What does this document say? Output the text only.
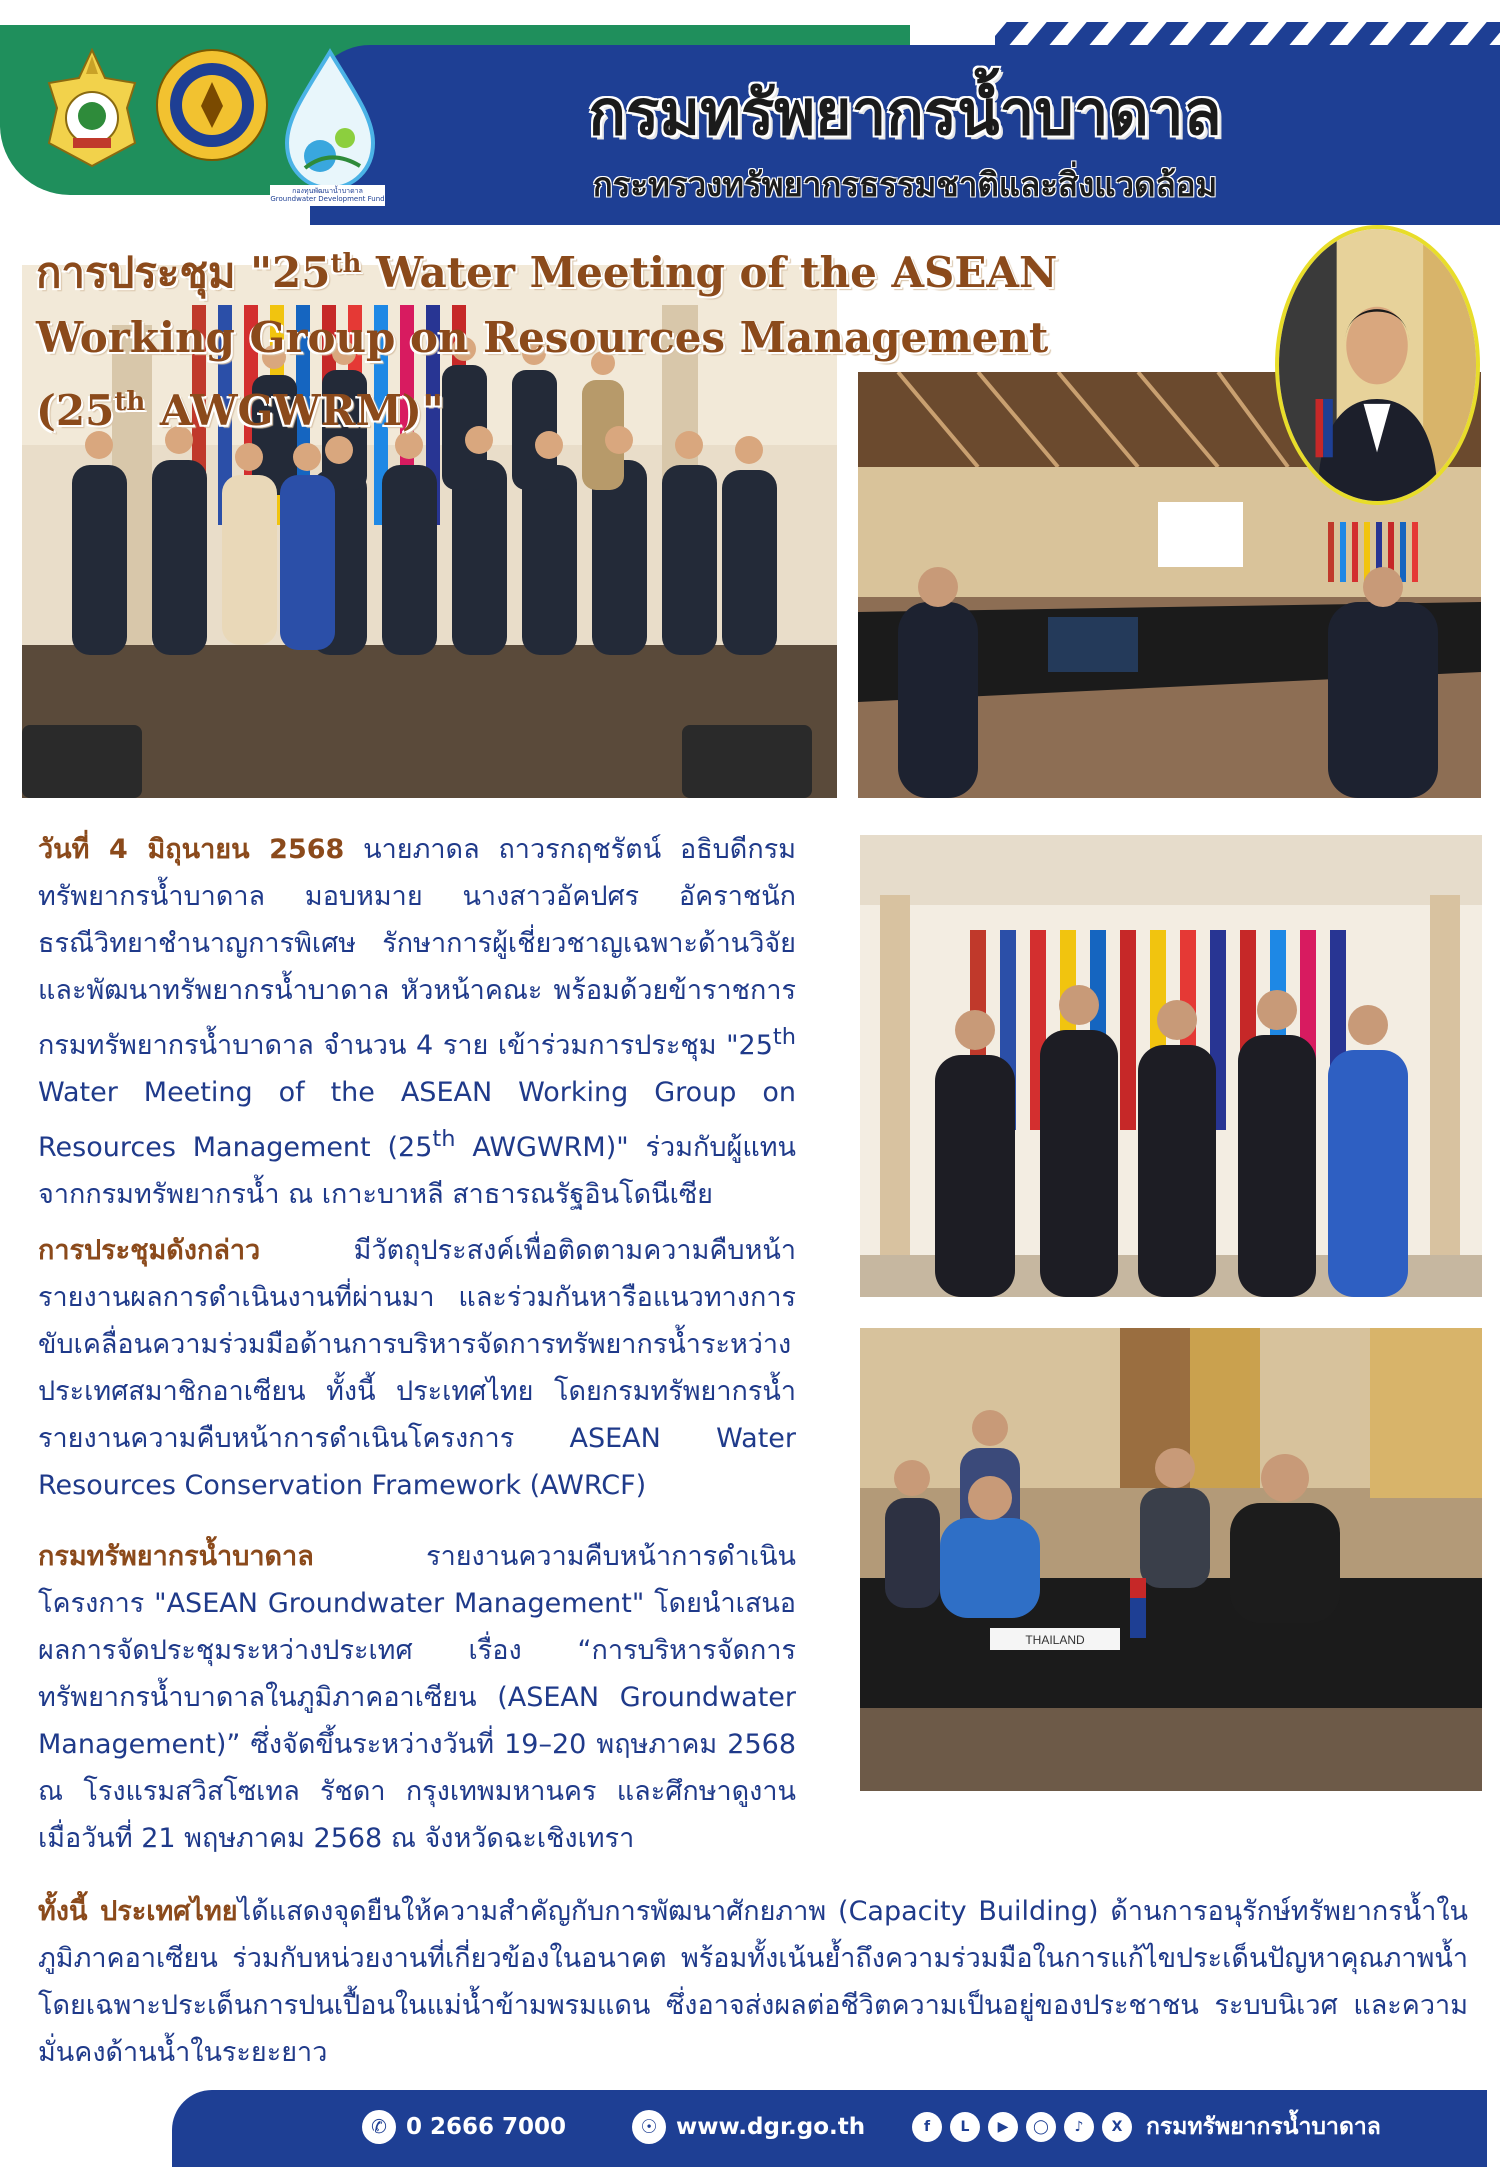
กองทุนพัฒนาน้ำบาดาล Groundwater Development Fund
กรมทรัพยากรน้ำบาดาล
กระทรวงทรัพยากรธรรมชาติและสิ่งแวดล้อม
THAILAND
การประชุม "25th Water Meeting of the ASEAN
Working Group on Resources Management
(25th AWGWRM)"
วันที่ 4 มิถุนายน 2568 นายภาดล ถาวรกฤชรัตน์ อธิบดีกรมทรัพยากรน้ำบาดาล มอบหมาย นางสาวอัคปศร อัคราชนักธรณีวิทยาชำนาญการพิเศษ รักษาการผู้เชี่ยวชาญเฉพาะด้านวิจัยและพัฒนาทรัพยากรน้ำบาดาล หัวหน้าคณะ พร้อมด้วยข้าราชการกรมทรัพยากรน้ำบาดาล จำนวน 4 ราย เข้าร่วมการประชุม "25th Water Meeting of the ASEAN Working Group on Resources Management (25th AWGWRM)" ร่วมกับผู้แทนจากกรมทรัพยากรน้ำ ณ เกาะบาหลี สาธารณรัฐอินโดนีเซีย
การประชุมดังกล่าว มีวัตถุประสงค์เพื่อติดตามความคืบหน้ารายงานผลการดำเนินงานที่ผ่านมา และร่วมกันหารือแนวทางการขับเคลื่อนความร่วมมือด้านการบริหารจัดการทรัพยากรน้ำระหว่างประเทศสมาชิกอาเซียน ทั้งนี้ ประเทศไทย โดยกรมทรัพยากรน้ำรายงานความคืบหน้าการดำเนินโครงการ ASEAN Water Resources Conservation Framework (AWRCF)
กรมทรัพยากรน้ำบาดาล รายงานความคืบหน้าการดำเนินโครงการ "ASEAN Groundwater Management" โดยนำเสนอผลการจัดประชุมระหว่างประเทศ เรื่อง “การบริหารจัดการทรัพยากรน้ำบาดาลในภูมิภาคอาเซียน (ASEAN Groundwater Management)” ซึ่งจัดขึ้นระหว่างวันที่ 19–20 พฤษภาคม 2568 ณ โรงแรมสวิสโซเทล รัชดา กรุงเทพมหานคร และศึกษาดูงาน เมื่อวันที่ 21 พฤษภาคม 2568 ณ จังหวัดฉะเชิงเทรา
ทั้งนี้ ประเทศไทยได้แสดงจุดยืนให้ความสำคัญกับการพัฒนาศักยภาพ (Capacity Building) ด้านการอนุรักษ์ทรัพยากรน้ำในภูมิภาคอาเซียน ร่วมกับหน่วยงานที่เกี่ยวข้องในอนาคต พร้อมทั้งเน้นย้ำถึงความร่วมมือในการแก้ไขประเด็นปัญหาคุณภาพน้ำ โดยเฉพาะประเด็นการปนเปื้อนในแม่น้ำข้ามพรมแดน ซึ่งอาจส่งผลต่อชีวิตความเป็นอยู่ของประชาชน ระบบนิเวศ และความมั่นคงด้านน้ำในระยะยาว
✆ 0 2666 7000	☉ www.dgr.go.th	f	L	▶	◯	♪	X	กรมทรัพยากรน้ำบาดาล
